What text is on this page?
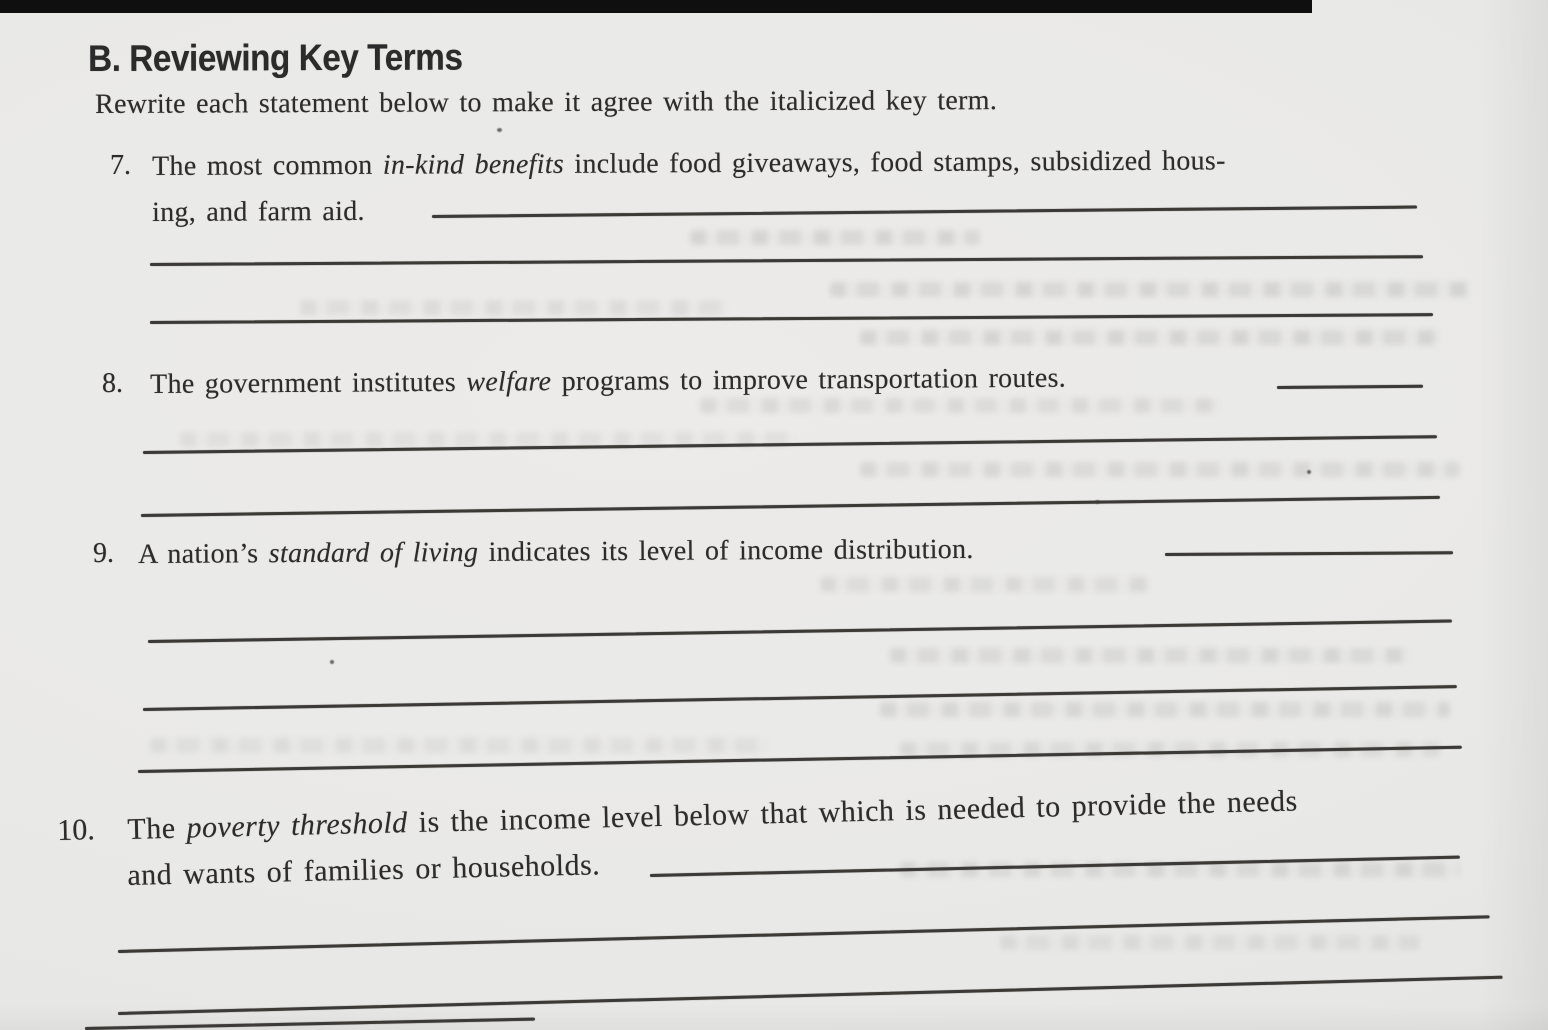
B. Reviewing Key Terms
Rewrite each statement below to make it agree with the italicized key term.
7. The most common in-kind benefits include food giveaways, food stamps, subsidized hous-
ing, and farm aid.
8. The government institutes welfare programs to improve transportation routes.
9. A nation’s standard of living indicates its level of income distribution.
10. The poverty threshold is the income level below that which is needed to provide the needs
and wants of families or households.
